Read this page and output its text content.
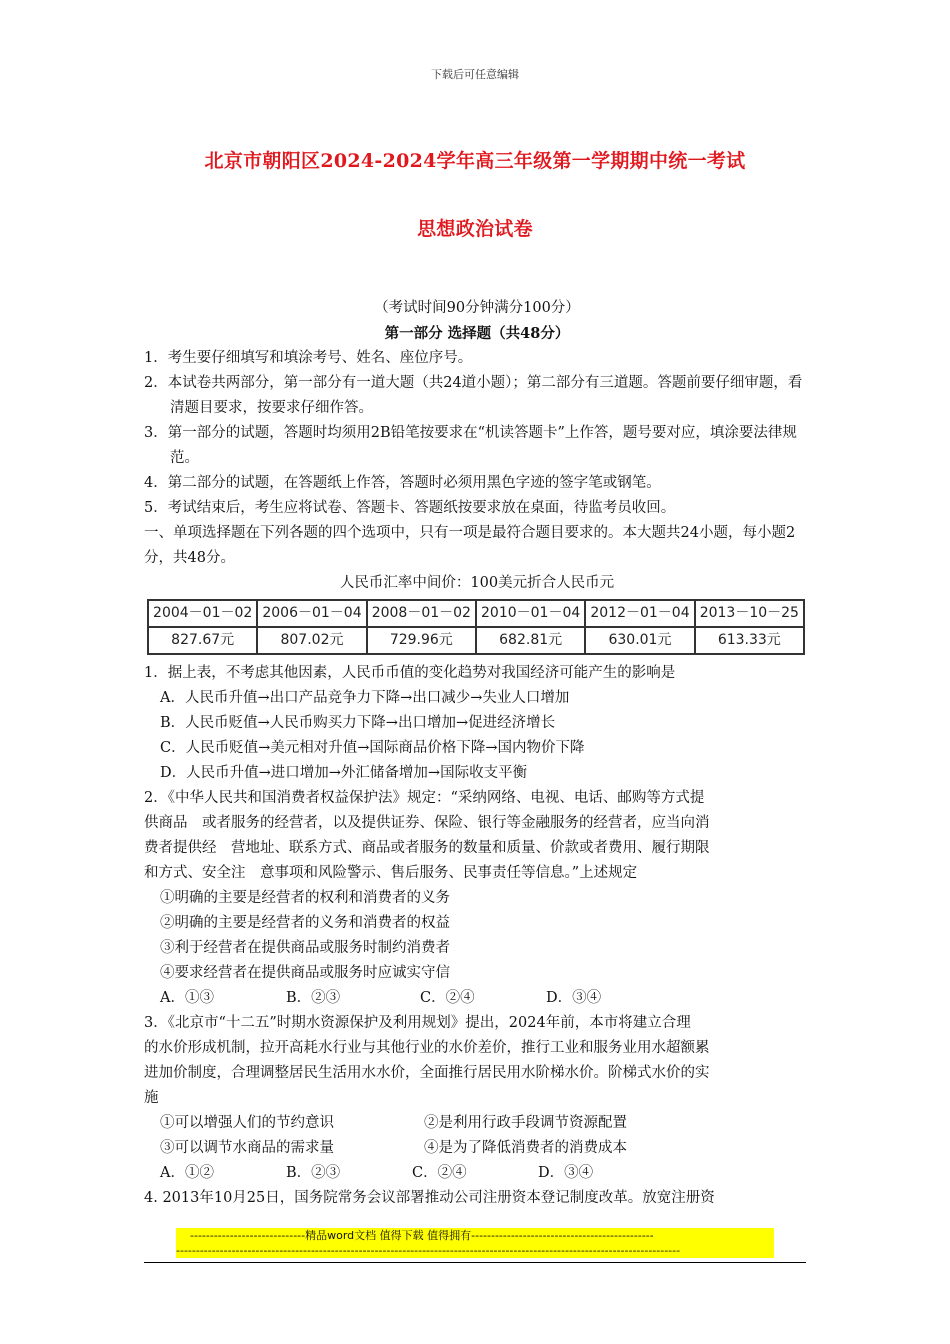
下载后可任意编辑
北京市朝阳区2024-2024学年高三年级第一学期期中统一考试
思想政治试卷
（考试时间90分钟满分100分）
第一部分 选择题（共48分）
1．考生要仔细填写和填涂考号、姓名、座位序号。
2．本试卷共两部分，第一部分有一道大题（共24道小题）；第二部分有三道题。答题前要仔细审题，看清题目要求，按要求仔细作答。
3．第一部分的试题，答题时均须用2B铅笔按要求在“机读答题卡”上作答，题号要对应，填涂要法律规范。
4．第二部分的试题，在答题纸上作答，答题时必须用黑色字迹的签字笔或钢笔。
5．考试结束后，考生应将试卷、答题卡、答题纸按要求放在桌面，待监考员收回。
一、单项选择题在下列各题的四个选项中，只有一项是最符合题目要求的。本大题共24小题，每小题2分，共48分。
人民币汇率中间价：100美元折合人民币元
2004－01－02	2006－01－04	2008－01－02	2010－01－04	2012－01－04	2013－10－25
827.67元	807.02元	729.96元	682.81元	630.01元	613.33元
1．据上表，不考虑其他因素，人民币币值的变化趋势对我国经济可能产生的影响是
A．人民币升值→出口产品竞争力下降→出口减少→失业人口增加
B．人民币贬值→人民币购买力下降→出口增加→促进经济增长
C．人民币贬值→美元相对升值→国际商品价格下降→国内物价下降
D．人民币升值→进口增加→外汇储备增加→国际收支平衡
2．《中华人民共和国消费者权益保护法》规定：“采纳网络、电视、电话、邮购等方式提
供商品　或者服务的经营者，以及提供证券、保险、银行等金融服务的经营者，应当向消
费者提供经　营地址、联系方式、商品或者服务的数量和质量、价款或者费用、履行期限
和方式、安全注　意事项和风险警示、售后服务、民事责任等信息。”上述规定
①明确的主要是经营者的权利和消费者的义务
②明确的主要是经营者的义务和消费者的权益
③利于经营者在提供商品或服务时制约消费者
④要求经营者在提供商品或服务时应诚实守信
A．①③	B．②③	C．②④	D．③④
3．《北京市“十二五”时期水资源保护及利用规划》提出，2024年前，本市将建立合理
的水价形成机制，拉开高耗水行业与其他行业的水价差价，推行工业和服务业用水超额累
进加价制度，合理调整居民生活用水水价，全面推行居民用水阶梯水价。阶梯式水价的实
施
①可以增强人们的节约意识	②是利用行政手段调节资源配置
③可以调节水商品的需求量	④是为了降低消费者的消费成本
A．①②	B．②③	C．②④	D．③④
4. 2013年10月25日，国务院常务会议部署推动公司注册资本登记制度改革。放宽注册资
-----------------------------精品word文档 值得下载 值得拥有----------------------------------------------
-------------------------------------------------------------------------------------------------------------------------------
